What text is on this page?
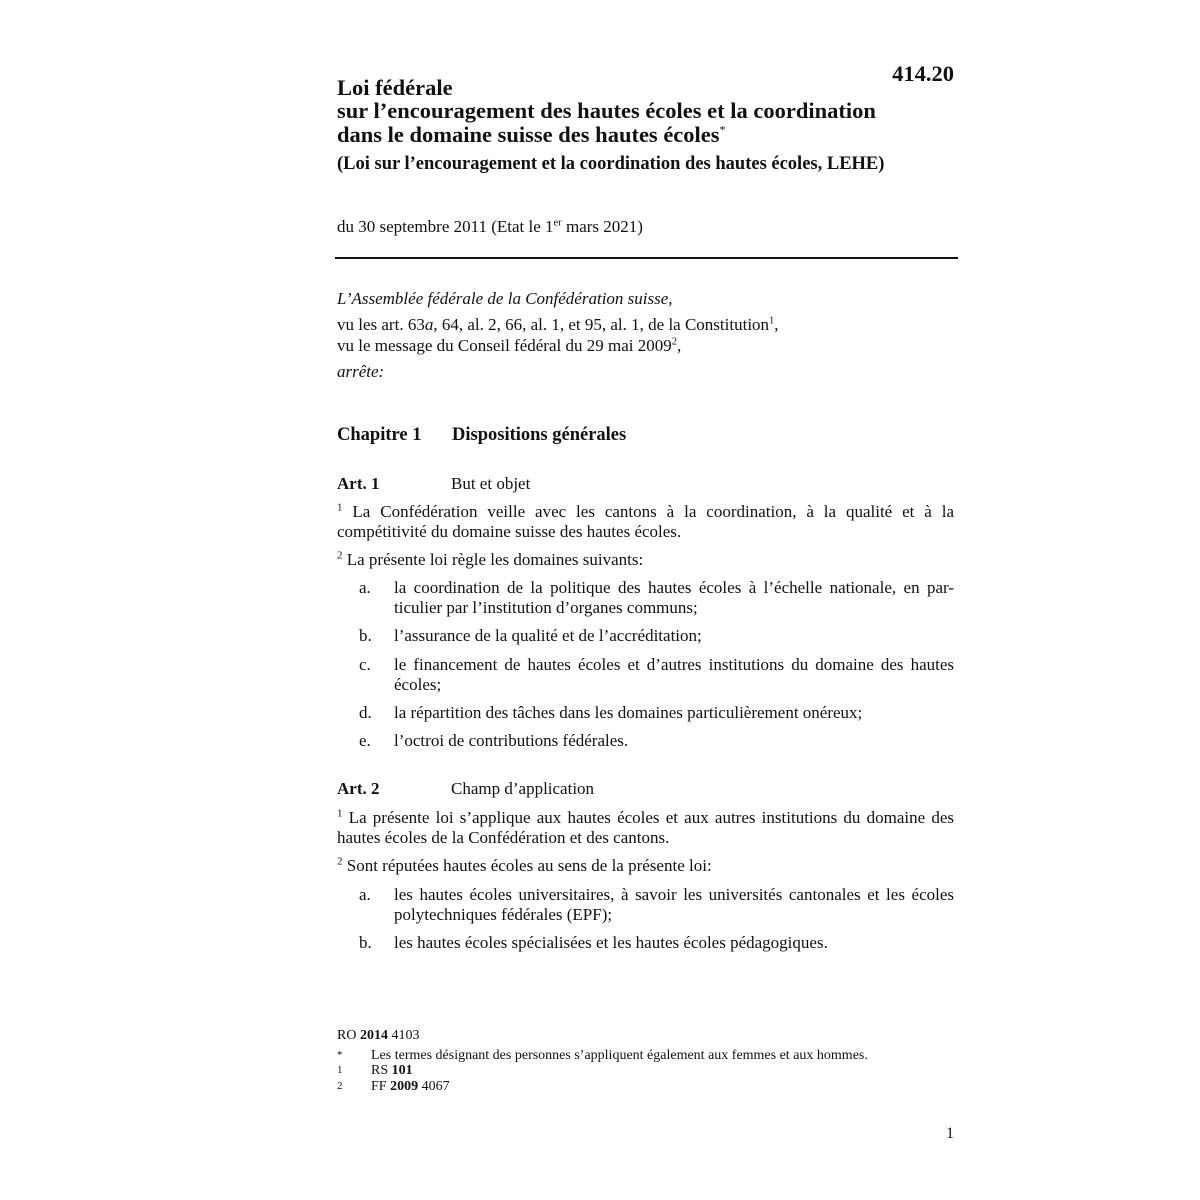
Loi fédérale
414.20
sur l’encouragement des hautes écoles et la coordination
dans le domaine suisse des hautes écoles*
(Loi sur l’encouragement et la coordination des hautes écoles, LEHE)
du 30 septembre 2011 (Etat le 1er mars 2021)
L’Assemblée fédérale de la Confédération suisse,
vu les art. 63a, 64, al. 2, 66, al. 1, et 95, al. 1, de la Constitution$^1$,
vu le message du Conseil fédéral du 29 mai 2009$^2$,
arrête:
Chapitre 1 Dispositions générales
Art. 1	But et objet
$^1$ La Confédération veille avec les cantons à la coordination, à la qualité et à la compétitivité du domaine suisse des hautes écoles.
$^2$ La présente loi règle les domaines suivants:
a. la coordination de la politique des hautes écoles à l’échelle nationale, en par-ticulier par l’institution d’organes communs;
b. l’assurance de la qualité et de l’accréditation;
c. le financement de hautes écoles et d’autres institutions du domaine des hautes écoles;
d. la répartition des tâches dans les domaines particulièrement onéreux;
e. l’octroi de contributions fédérales.
Art. 2	Champ d’application
$^1$ La présente loi s’applique aux hautes écoles et aux autres institutions du domaine des hautes écoles de la Confédération et des cantons.
$^2$ Sont réputées hautes écoles au sens de la présente loi:
a. les hautes écoles universitaires, à savoir les universités cantonales et les écoles polytechniques fédérales (EPF);
b. les hautes écoles spécialisées et les hautes écoles pédagogiques.
RO 2014 4103
* Les termes désignant des personnes s’appliquent également aux femmes et aux hommes.
1 RS 101
2 FF 2009 4067
1
